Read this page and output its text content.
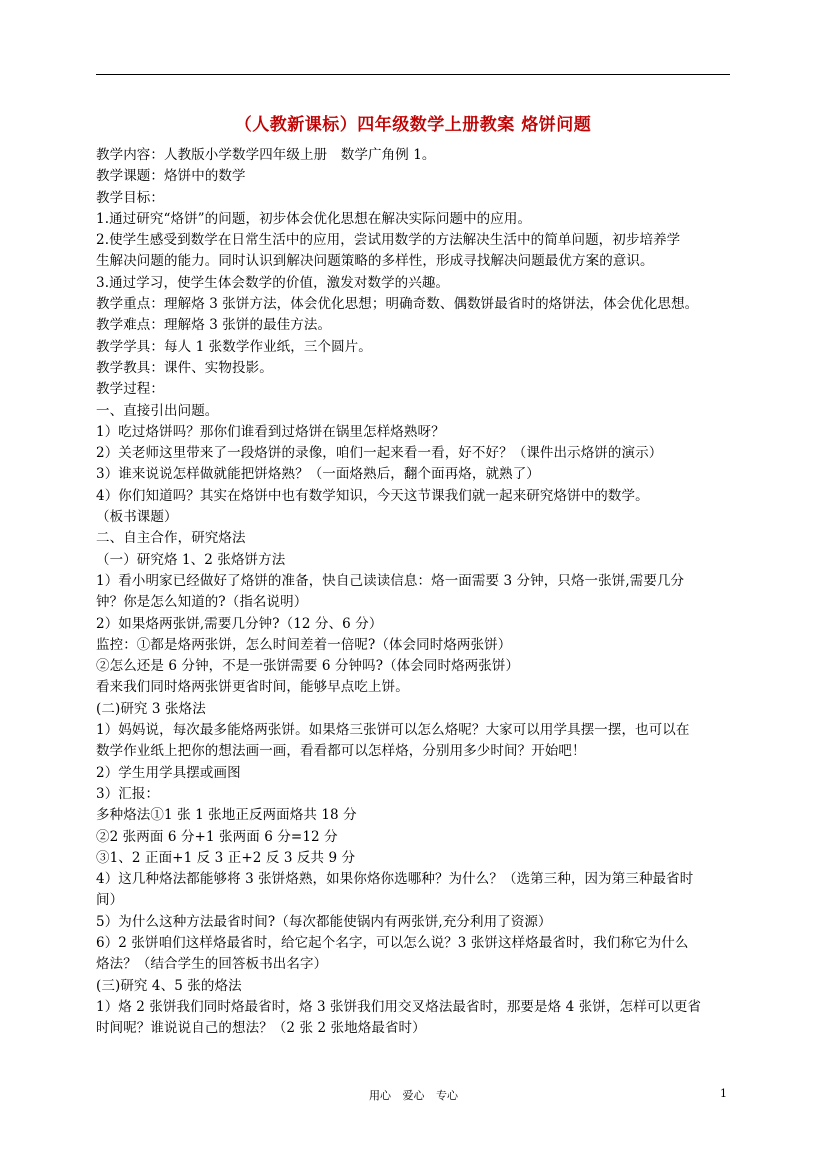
（人教新课标）四年级数学上册教案 烙饼问题
教学内容：人教版小学数学四年级上册　数学广角例 1。
教学课题：烙饼中的数学
教学目标：
1.通过研究“烙饼”的问题，初步体会优化思想在解决实际问题中的应用。
2.使学生感受到数学在日常生活中的应用，尝试用数学的方法解决生活中的简单问题，初步培养学
生解决问题的能力。同时认识到解决问题策略的多样性，形成寻找解决问题最优方案的意识。
3.通过学习，使学生体会数学的价值，激发对数学的兴趣。
教学重点：理解烙 3 张饼方法，体会优化思想；明确奇数、偶数饼最省时的烙饼法，体会优化思想。
教学难点：理解烙 3 张饼的最佳方法。
教学学具：每人 1 张数学作业纸，三个圆片。
教学教具：课件、实物投影。
教学过程：
一、直接引出问题。
1）吃过烙饼吗？那你们谁看到过烙饼在锅里怎样烙熟呀？
2）关老师这里带来了一段烙饼的录像，咱们一起来看一看，好不好？（课件出示烙饼的演示）
3）谁来说说怎样做就能把饼烙熟？（一面烙熟后，翻个面再烙，就熟了）
4）你们知道吗？其实在烙饼中也有数学知识，今天这节课我们就一起来研究烙饼中的数学。
（板书课题）
二、自主合作，研究烙法
（一）研究烙 1、2 张烙饼方法
1）看小明家已经做好了烙饼的准备，快自己读读信息：烙一面需要 3 分钟，只烙一张饼,需要几分
钟？你是怎么知道的?（指名说明）
2）如果烙两张饼,需要几分钟?（12 分、6 分）
监控：①都是烙两张饼，怎么时间差着一倍呢?（体会同时烙两张饼）
②怎么还是 6 分钟，不是一张饼需要 6 分钟吗?（体会同时烙两张饼）
看来我们同时烙两张饼更省时间，能够早点吃上饼。
(二)研究 3 张烙法
1）妈妈说，每次最多能烙两张饼。如果烙三张饼可以怎么烙呢？大家可以用学具摆一摆，也可以在
数学作业纸上把你的想法画一画，看看都可以怎样烙，分别用多少时间？开始吧！
2）学生用学具摆或画图
3）汇报：
多种烙法①1 张 1 张地正反两面烙共 18 分
②2 张两面 6 分+1 张两面 6 分=12 分
③1、2 正面+1 反 3 正+2 反 3 反共 9 分
4）这几种烙法都能够将 3 张饼烙熟，如果你烙你选哪种？为什么？（选第三种，因为第三种最省时
间）
5）为什么这种方法最省时间?（每次都能使锅内有两张饼,充分利用了资源）
6）2 张饼咱们这样烙最省时，给它起个名字，可以怎么说？3 张饼这样烙最省时，我们称它为什么
烙法？（结合学生的回答板书出名字）
(三)研究 4、5 张的烙法
1）烙 2 张饼我们同时烙最省时，烙 3 张饼我们用交叉烙法最省时，那要是烙 4 张饼，怎样可以更省
时间呢？谁说说自己的想法？（2 张 2 张地烙最省时）
用心 爱心 专心	1
